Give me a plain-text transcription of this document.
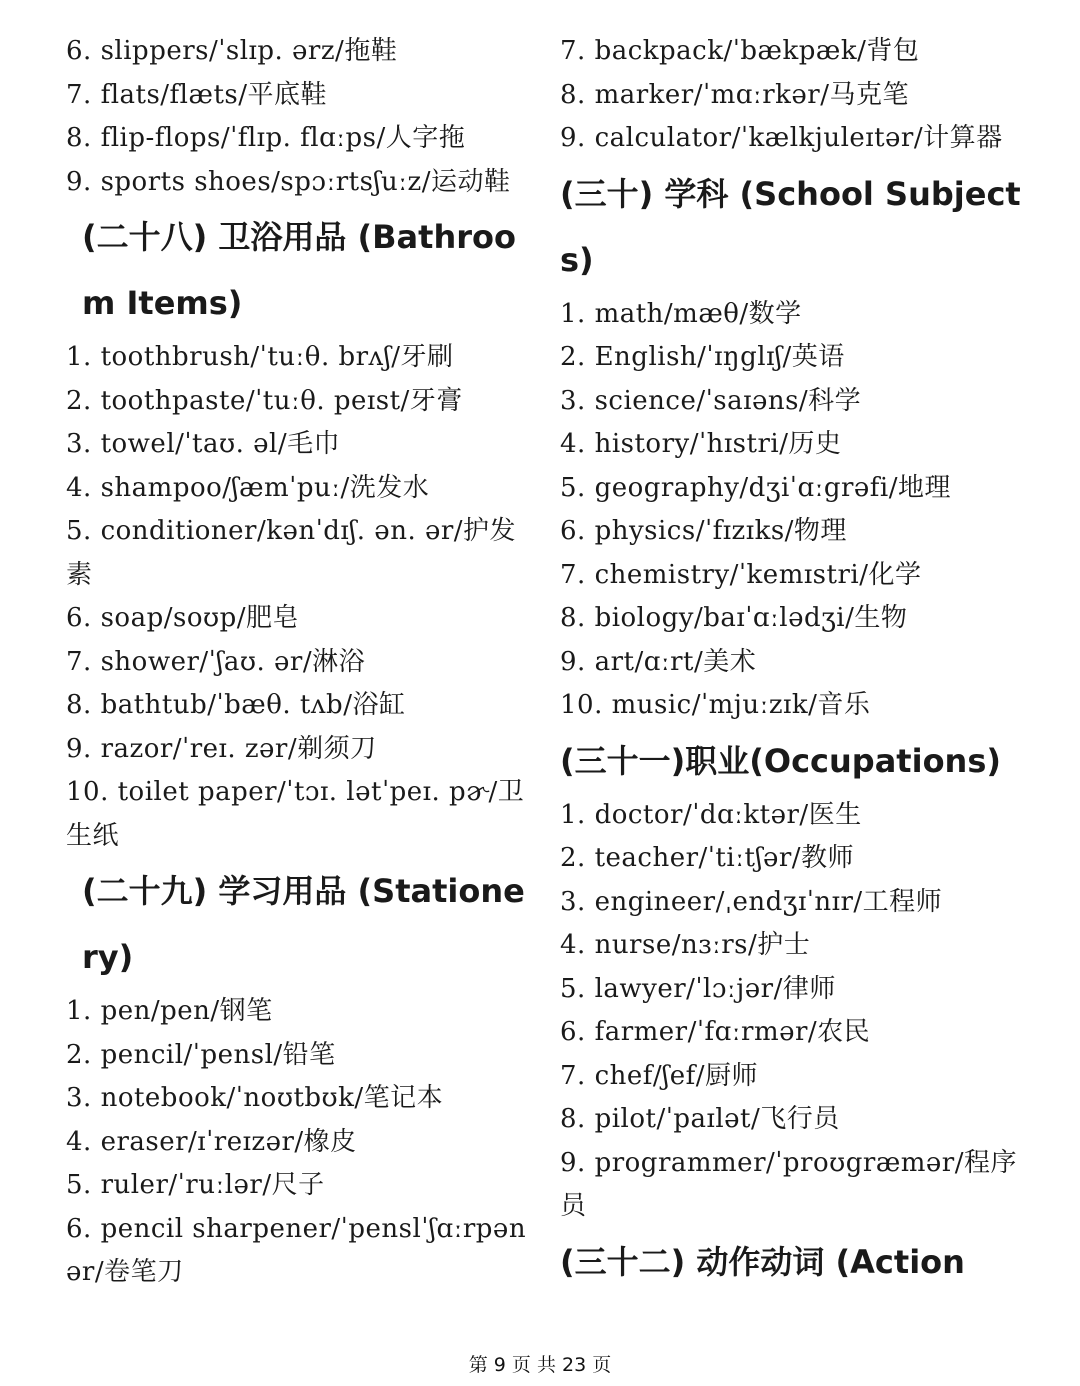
6. slippers/ˈslɪp. ərz/拖鞋
7. flats/flæts/平底鞋
8. flip-flops/ˈflɪp. flɑːps/人字拖
9. sports shoes/spɔːrtsʃuːz/运动鞋
(二十八) 卫浴用品 (Bathroom Items)
1. toothbrush/ˈtuːθ. brʌʃ/牙刷
2. toothpaste/ˈtuːθ. peɪst/牙膏
3. towel/ˈtaʊ. əl/毛巾
4. shampoo/ʃæmˈpuː/洗发水
5. conditioner/kənˈdɪʃ. ən. ər/护发素
6. soap/soʊp/肥皂
7. shower/ˈʃaʊ. ər/淋浴
8. bathtub/ˈbæθ. tʌb/浴缸
9. razor/ˈreɪ. zər/剃须刀
10. toilet paper/ˈtɔɪ. lətˈpeɪ. pɚ/卫生纸
(二十九) 学习用品 (Stationery)
1. pen/pen/钢笔
2. pencil/ˈpensl/铅笔
3. notebook/ˈnoʊtbʊk/笔记本
4. eraser/ɪˈreɪzər/橡皮
5. ruler/ˈruːlər/尺子
6. pencil sharpener/ˈpenslˈʃɑːrpənər/卷笔刀
7. backpack/ˈbækpæk/背包
8. marker/ˈmɑːrkər/马克笔
9. calculator/ˈkælkjuleɪtər/计算器
(三十) 学科 (School Subjects)
1. math/mæθ/数学
2. English/ˈɪŋglɪʃ/英语
3. science/ˈsaɪəns/科学
4. history/ˈhɪstri/历史
5. geography/dʒiˈɑːgrəfi/地理
6. physics/ˈfɪzɪks/物理
7. chemistry/ˈkemɪstri/化学
8. biology/baɪˈɑːlədʒi/生物
9. art/ɑːrt/美术
10. music/ˈmjuːzɪk/音乐
(三十一)职业(Occupations)
1. doctor/ˈdɑːktər/医生
2. teacher/ˈtiːtʃər/教师
3. engineer/ˌendʒɪˈnɪr/工程师
4. nurse/nɜːrs/护士
5. lawyer/ˈlɔːjər/律师
6. farmer/ˈfɑːrmər/农民
7. chef/ʃef/厨师
8. pilot/ˈpaɪlət/飞行员
9. programmer/ˈproʊgræmər/程序员
(三十二) 动作动词 (Action
第 9 页 共 23 页
